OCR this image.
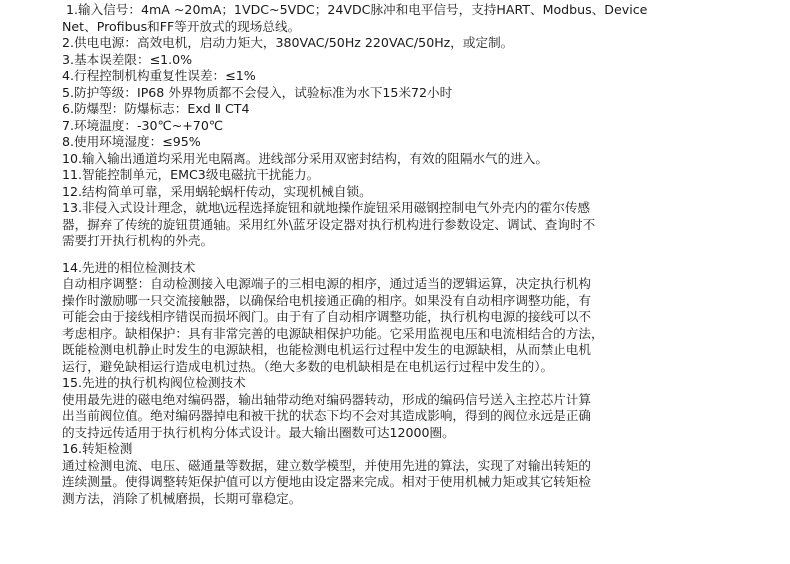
1.输入信号：4mA ~20mA；1VDC~5VDC；24VDC脉冲和电平信号，支持HART、Modbus、Device
Net、Profibus和FF等开放式的现场总线。
2.供电电源：高效电机，启动力矩大，380VAC/50Hz 220VAC/50Hz，或定制。
3.基本误差限：≤1.0%
4.行程控制机构重复性误差：≤1%
5.防护等级：IP68 外界物质都不会侵入，试验标准为水下15米72小时
6.防爆型：防爆标志：Exd Ⅱ CT4
7.环境温度：-30℃~+70℃
8.使用环境湿度：≤95%
10.输入输出通道均采用光电隔离。进线部分采用双密封结构，有效的阻隔水气的进入。
11.智能控制单元，EMC3级电磁抗干扰能力。
12.结构简单可靠，采用蜗轮蜗杆传动，实现机械自锁。
13.非侵入式设计理念，就地\远程选择旋钮和就地操作旋钮采用磁钢控制电气外壳内的霍尔传感
器，摒弃了传统的旋钮贯通轴。采用红外\蓝牙设定器对执行机构进行参数设定、调试、查询时不
需要打开执行机构的外壳。
14.先进的相位检测技术
自动相序调整：自动检测接入电源端子的三相电源的相序，通过适当的逻辑运算，决定执行机构
操作时激励哪一只交流接触器，以确保给电机接通正确的相序。如果没有自动相序调整功能，有
可能会由于接线相序错误而损坏阀门。由于有了自动相序调整功能，执行机构电源的接线可以不
考虑相序。缺相保护：具有非常完善的电源缺相保护功能。它采用监视电压和电流相结合的方法，
既能检测电机静止时发生的电源缺相，也能检测电机运行过程中发生的电源缺相，从而禁止电机
运行，避免缺相运行造成电机过热。（绝大多数的电机缺相是在电机运行过程中发生的）。
15.先进的执行机构阀位检测技术
使用最先进的磁电绝对编码器，输出轴带动绝对编码器转动，形成的编码信号送入主控芯片计算
出当前阀位值。绝对编码器掉电和被干扰的状态下均不会对其造成影响，得到的阀位永远是正确
的支持远传适用于执行机构分体式设计。最大输出圈数可达12000圈。
16.转矩检测
通过检测电流、电压、磁通量等数据，建立数学模型，并使用先进的算法，实现了对输出转矩的
连续测量。使得调整转矩保护值可以方便地由设定器来完成。相对于使用机械力矩或其它转矩检
测方法，消除了机械磨损，长期可靠稳定。
